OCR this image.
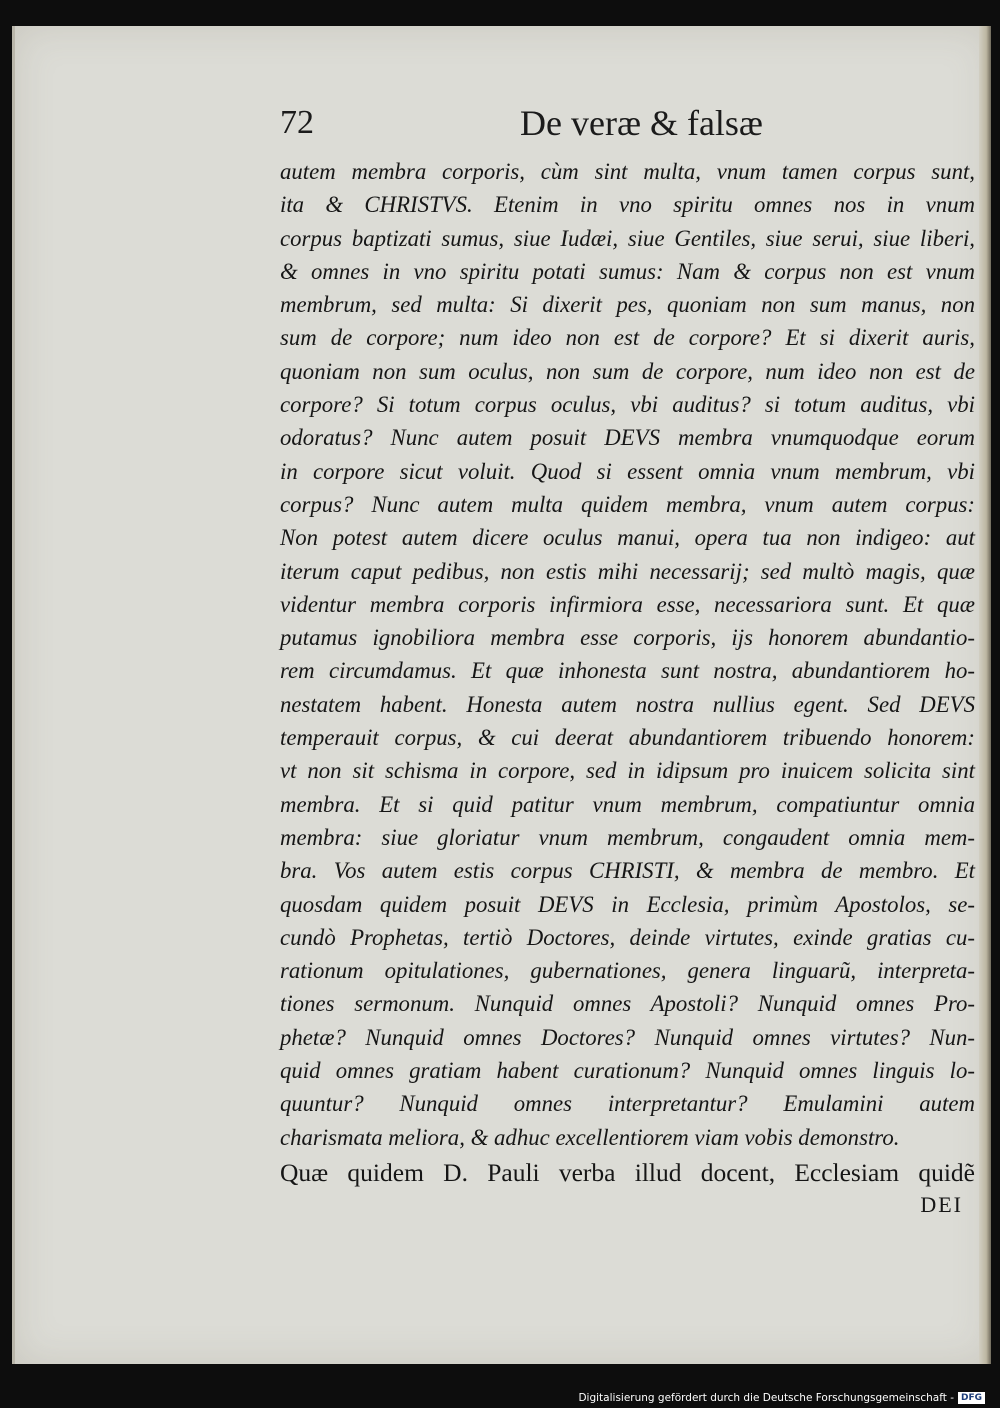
72	De veræ & falsæ
autem membra corporis, cùm sint multa, vnum tamen corpus sunt,
ita & CHRISTVS. Etenim in vno spiritu omnes nos in vnum
corpus baptizati sumus, siue Iudæi, siue Gentiles, siue serui, siue liberi,
& omnes in vno spiritu potati sumus: Nam & corpus non est vnum
membrum, sed multa: Si dixerit pes, quoniam non sum manus, non
sum de corpore; num ideo non est de corpore? Et si dixerit auris,
quoniam non sum oculus, non sum de corpore, num ideo non est de
corpore? Si totum corpus oculus, vbi auditus? si totum auditus, vbi
odoratus? Nunc autem posuit DEVS membra vnumquodque eorum
in corpore sicut voluit. Quod si essent omnia vnum membrum, vbi
corpus? Nunc autem multa quidem membra, vnum autem corpus:
Non potest autem dicere oculus manui, opera tua non indigeo: aut
iterum caput pedibus, non estis mihi necessarij; sed multò magis, quæ
videntur membra corporis infirmiora esse, necessariora sunt. Et quæ
putamus ignobiliora membra esse corporis, ijs honorem abundantio-
rem circumdamus. Et quæ inhonesta sunt nostra, abundantiorem ho-
nestatem habent. Honesta autem nostra nullius egent. Sed DEVS
temperauit corpus, & cui deerat abundantiorem tribuendo honorem:
vt non sit schisma in corpore, sed in idipsum pro inuicem solicita sint
membra. Et si quid patitur vnum membrum, compatiuntur omnia
membra: siue gloriatur vnum membrum, congaudent omnia mem-
bra. Vos autem estis corpus CHRISTI, & membra de membro. Et
quosdam quidem posuit DEVS in Ecclesia, primùm Apostolos, se-
cundò Prophetas, tertiò Doctores, deinde virtutes, exinde gratias cu-
rationum opitulationes, gubernationes, genera linguarũ, interpreta-
tiones sermonum. Nunquid omnes Apostoli? Nunquid omnes Pro-
phetæ? Nunquid omnes Doctores? Nunquid omnes virtutes? Nun-
quid omnes gratiam habent curationum? Nunquid omnes linguis lo-
quuntur? Nunquid omnes interpretantur? Emulamini autem
charismata meliora, & adhuc excellentiorem viam vobis demonstro.
Quæ quidem D. Pauli verba illud docent, Ecclesiam quidẽ
DEI
Digitalisierung gefördert durch die Deutsche Forschungsgemeinschaft - DFG
